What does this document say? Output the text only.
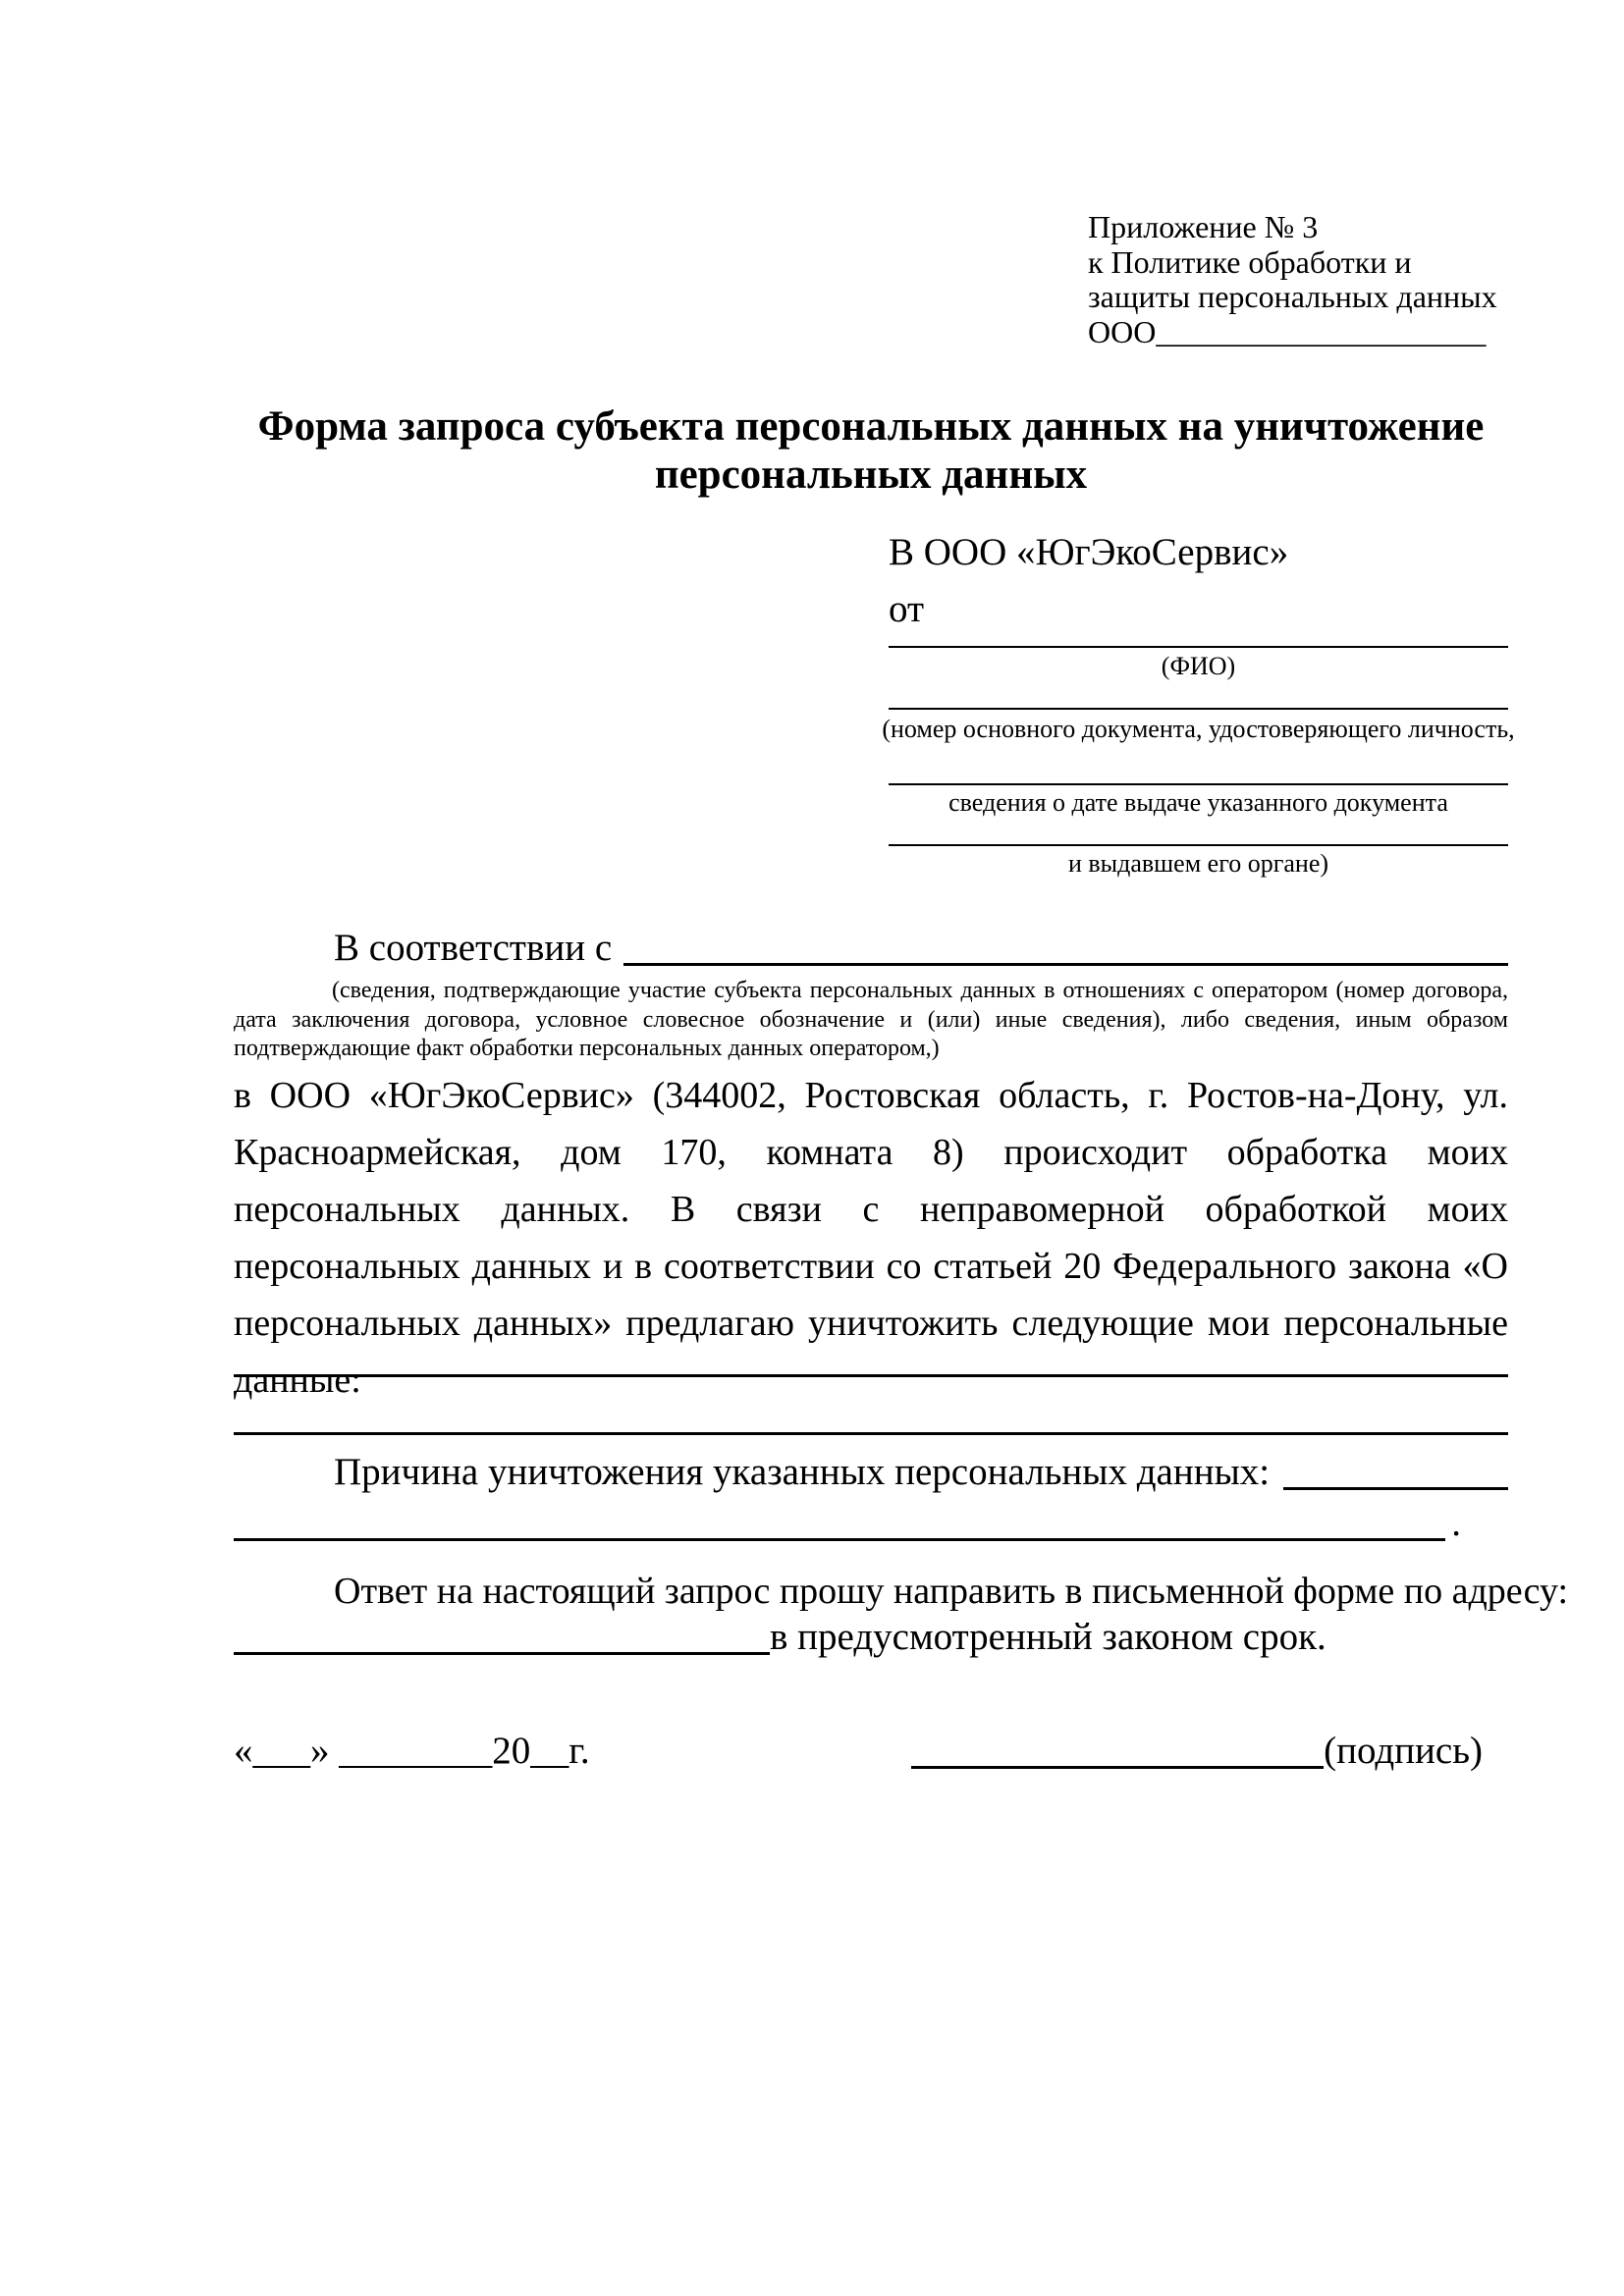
Приложение № 3
к Политике обработки и
защиты персональных данных
ООО_____________________
Форма запроса субъекта персональных данных на уничтожение персональных данных
В ООО «ЮгЭкоСервис»
от
(ФИО)
(номер основного документа, удостоверяющего личность,
сведения о дате выдаче указанного документа
и выдавшем его органе)
В соответствии с
(сведения, подтверждающие участие субъекта персональных данных в отношениях с оператором (номер договора, дата заключения договора, условное словесное обозначение и (или) иные сведения), либо сведения, иным образом подтверждающие факт обработки персональных данных оператором,)
в ООО «ЮгЭкоСервис» (344002, Ростовская область, г. Ростов-на-Дону, ул. Красноармейская, дом 170, комната 8) происходит обработка моих персональных данных. В связи с неправомерной обработкой моих персональных данных и в соответствии со статьей 20 Федерального закона «О персональных данных» предлагаю уничтожить следующие мои персональные данные:
Причина уничтожения указанных персональных данных:
.
Ответ на настоящий запрос прошу направить в письменной форме по адресу:
в предусмотренный законом срок.
«___» ________20__г.	(подпись)
